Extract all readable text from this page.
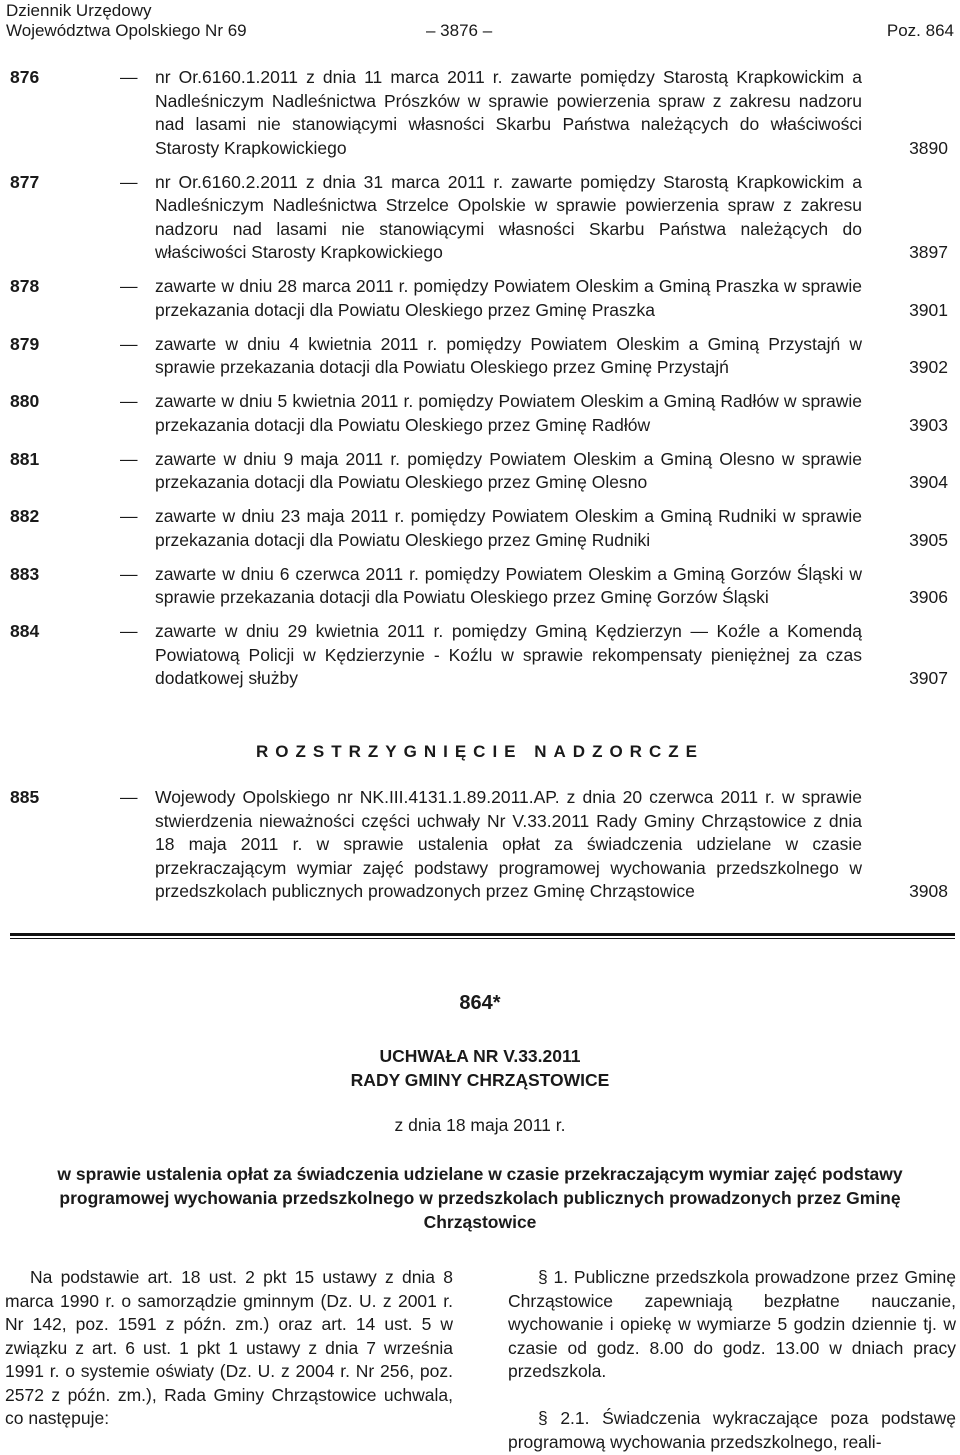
Dziennik Urzędowy
Województwa Opolskiego Nr 69	– 3876 –	Poz. 864
876	— nr Or.6160.1.2011 z dnia 11 marca 2011 r. zawarte pomiędzy Starostą Krapkowickim a Nadleśniczym Nadleśnictwa Prószków w sprawie powierzenia spraw z zakresu nadzoru nad lasami nie stanowiącymi własności Skarbu Państwa należących do właściwości Starosty Krapkowickiego	3890
877	— nr Or.6160.2.2011 z dnia 31 marca 2011 r. zawarte pomiędzy Starostą Krapkowickim a Nadleśniczym Nadleśnictwa Strzelce Opolskie w sprawie powierzenia spraw z zakresu nadzoru nad lasami nie stanowiącymi własności Skarbu Państwa należących do właściwości Starosty Krapkowickiego	3897
878	— zawarte w dniu 28 marca 2011 r. pomiędzy Powiatem Oleskim a Gminą Praszka w sprawie przekazania dotacji dla Powiatu Oleskiego przez Gminę Praszka	3901
879	— zawarte w dniu 4 kwietnia 2011 r. pomiędzy Powiatem Oleskim a Gminą Przystajń w sprawie przekazania dotacji dla Powiatu Oleskiego przez Gminę Przystajń	3902
880	— zawarte w dniu 5 kwietnia 2011 r. pomiędzy Powiatem Oleskim a Gminą Radłów w sprawie przekazania dotacji dla Powiatu Oleskiego przez Gminę Radłów	3903
881	— zawarte w dniu 9 maja 2011 r. pomiędzy Powiatem Oleskim a Gminą Olesno w sprawie przekazania dotacji dla Powiatu Oleskiego przez Gminę Olesno	3904
882	— zawarte w dniu 23 maja 2011 r. pomiędzy Powiatem Oleskim a Gminą Rudniki w sprawie przekazania dotacji dla Powiatu Oleskiego przez Gminę Rudniki	3905
883	— zawarte w dniu 6 czerwca 2011 r. pomiędzy Powiatem Oleskim a Gminą Gorzów Śląski w sprawie przekazania dotacji dla Powiatu Oleskiego przez Gminę Gorzów Śląski	3906
884	— zawarte w dniu 29 kwietnia 2011 r. pomiędzy Gminą Kędzierzyn — Koźle a Komendą Powiatową Policji w Kędzierzynie - Koźlu w sprawie rekompensaty pieniężnej za czas dodatkowej służby	3907
ROZSTRZYGNIĘCIE NADZORCZE
885	— Wojewody Opolskiego nr NK.III.4131.1.89.2011.AP. z dnia 20 czerwca 2011 r. w sprawie stwierdzenia nieważności części uchwały Nr V.33.2011 Rady Gminy Chrząstowice z dnia 18 maja 2011 r. w sprawie ustalenia opłat za świadczenia udzielane w czasie przekraczającym wymiar zajęć podstawy programowej wychowania przedszkolnego w przedszkolach publicznych prowadzonych przez Gminę Chrząstowice	3908
864*
UCHWAŁA NR V.33.2011
RADY GMINY CHRZĄSTOWICE
z dnia 18 maja 2011 r.
w sprawie ustalenia opłat za świadczenia udzielane w czasie przekraczającym wymiar zajęć podstawy programowej wychowania przedszkolnego w przedszkolach publicznych prowadzonych przez Gminę Chrząstowice
Na podstawie art. 18 ust. 2 pkt 15 ustawy z dnia 8 marca 1990 r. o samorządzie gminnym (Dz. U. z 2001 r. Nr 142, poz. 1591 z późn. zm.) oraz art. 14 ust. 5 w związku z art. 6 ust. 1 pkt 1 ustawy z dnia 7 września 1991 r. o systemie oświaty (Dz. U. z 2004 r. Nr 256, poz. 2572 z późn. zm.), Rada Gminy Chrząstowice uchwala, co następuje:

§ 1. Publiczne przedszkola prowadzone przez Gminę Chrząstowice zapewniają bezpłatne nauczanie, wychowanie i opiekę w wymiarze 5 godzin dziennie tj. w czasie od godz. 8.00 do godz. 13.00 w dniach pracy przedszkola.

§ 2.1. Świadczenia wykraczające poza podstawę programową wychowania przedszkolnego, reali-
